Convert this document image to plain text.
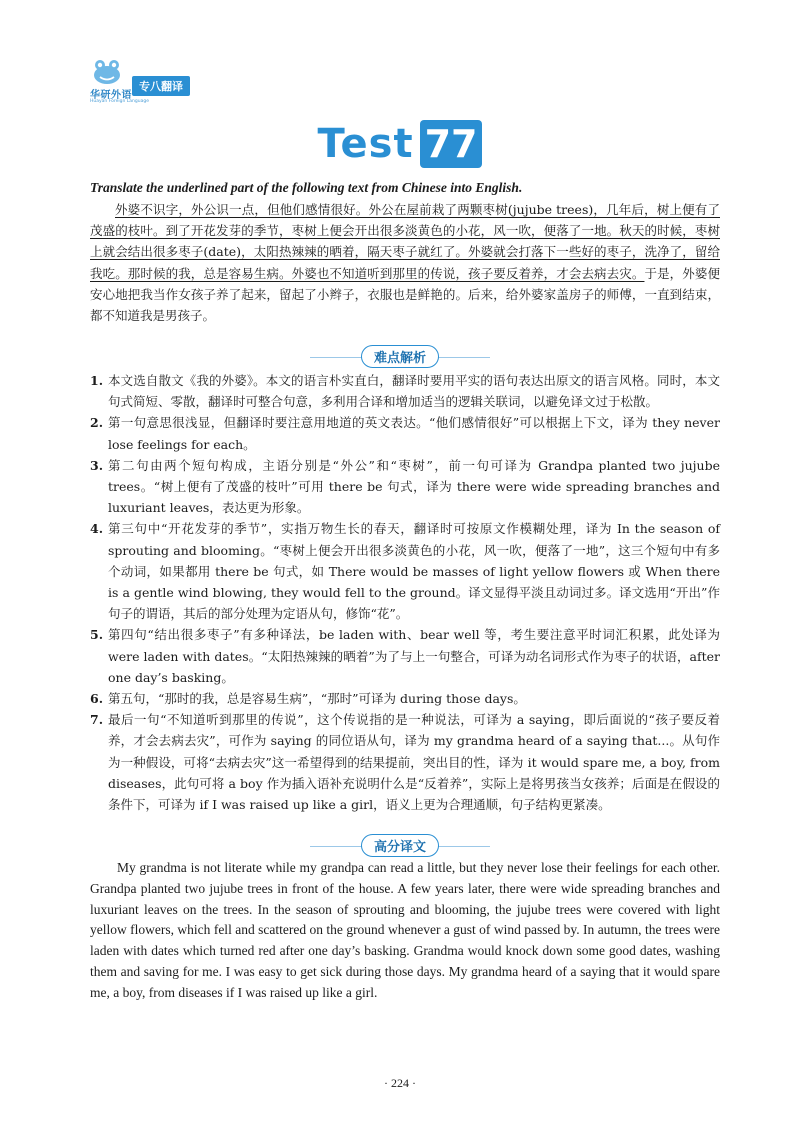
华研外语
Huayan Foreign Language
专八翻译
Test 77
Translate the underlined part of the following text from Chinese into English.

外婆不识字，外公识一点，但他们感情很好。外公在屋前栽了两颗枣树(jujube trees)，几年后，树上便有了茂盛的枝叶。到了开花发芽的季节，枣树上便会开出很多淡黄色的小花，风一吹，便落了一地。秋天的时候，枣树上就会结出很多枣子(date)，太阳热辣辣的晒着，隔天枣子就红了。外婆就会打落下一些好的枣子，洗净了，留给我吃。那时候的我，总是容易生病。外婆也不知道听到那里的传说，孩子要反着养，才会去病去灾。于是，外婆便安心地把我当作女孩子养了起来，留起了小辫子，衣服也是鲜艳的。后来，给外婆家盖房子的师傅，一直到结束，都不知道我是男孩子。

难点解析
1. 本文选自散文《我的外婆》。本文的语言朴实直白，翻译时要用平实的语句表达出原文的语言风格。同时，本文句式简短、零散，翻译时可整合句意，多利用合译和增加适当的逻辑关联词，以避免译文过于松散。
2. 第一句意思很浅显，但翻译时要注意用地道的英文表达。“他们感情很好”可以根据上下文，译为 they never lose feelings for each。
3. 第二句由两个短句构成，主语分别是“外公”和“枣树”，前一句可译为 Grandpa planted two jujube trees。“树上便有了茂盛的枝叶”可用 there be 句式，译为 there were wide spreading branches and luxuriant leaves，表达更为形象。
4. 第三句中“开花发芽的季节”，实指万物生长的春天，翻译时可按原文作模糊处理，译为 In the season of sprouting and blooming。“枣树上便会开出很多淡黄色的小花，风一吹，便落了一地”，这三个短句中有多个动词，如果都用 there be 句式，如 There would be masses of light yellow flowers 或 When there is a gentle wind blowing, they would fell to the ground。译文显得平淡且动词过多。译文选用“开出”作句子的谓语，其后的部分处理为定语从句，修饰“花”。
5. 第四句“结出很多枣子”有多种译法，be laden with、bear well 等，考生要注意平时词汇积累，此处译为 were laden with dates。“太阳热辣辣的晒着”为了与上一句整合，可译为动名词形式作为枣子的状语，after one day’s basking。
6. 第五句，“那时的我，总是容易生病”，“那时”可译为 during those days。
7. 最后一句“不知道听到那里的传说”，这个传说指的是一种说法，可译为 a saying，即后面说的“孩子要反着养，才会去病去灾”，可作为 saying 的同位语从句，译为 my grandma heard of a saying that...。从句作为一种假设，可将“去病去灾”这一希望得到的结果提前，突出目的性，译为 it would spare me, a boy, from diseases，此句可将 a boy 作为插入语补充说明什么是“反着养”，实际上是将男孩当女孩养；后面是在假设的条件下，可译为 if I was raised up like a girl，语义上更为合理通顺，句子结构更紧凑。
高分译文

My grandma is not literate while my grandpa can read a little, but they never lose their feelings for each other. Grandpa planted two jujube trees in front of the house. A few years later, there were wide spreading branches and luxuriant leaves on the trees. In the season of sprouting and blooming, the jujube trees were covered with light yellow flowers, which fell and scattered on the ground whenever a gust of wind passed by. In autumn, the trees were laden with dates which turned red after one day’s basking. Grandma would knock down some good dates, washing them and saving for me. I was easy to get sick during those days. My grandma heard of a saying that it would spare me, a boy, from diseases if I was raised up like a girl.

· 224 ·
